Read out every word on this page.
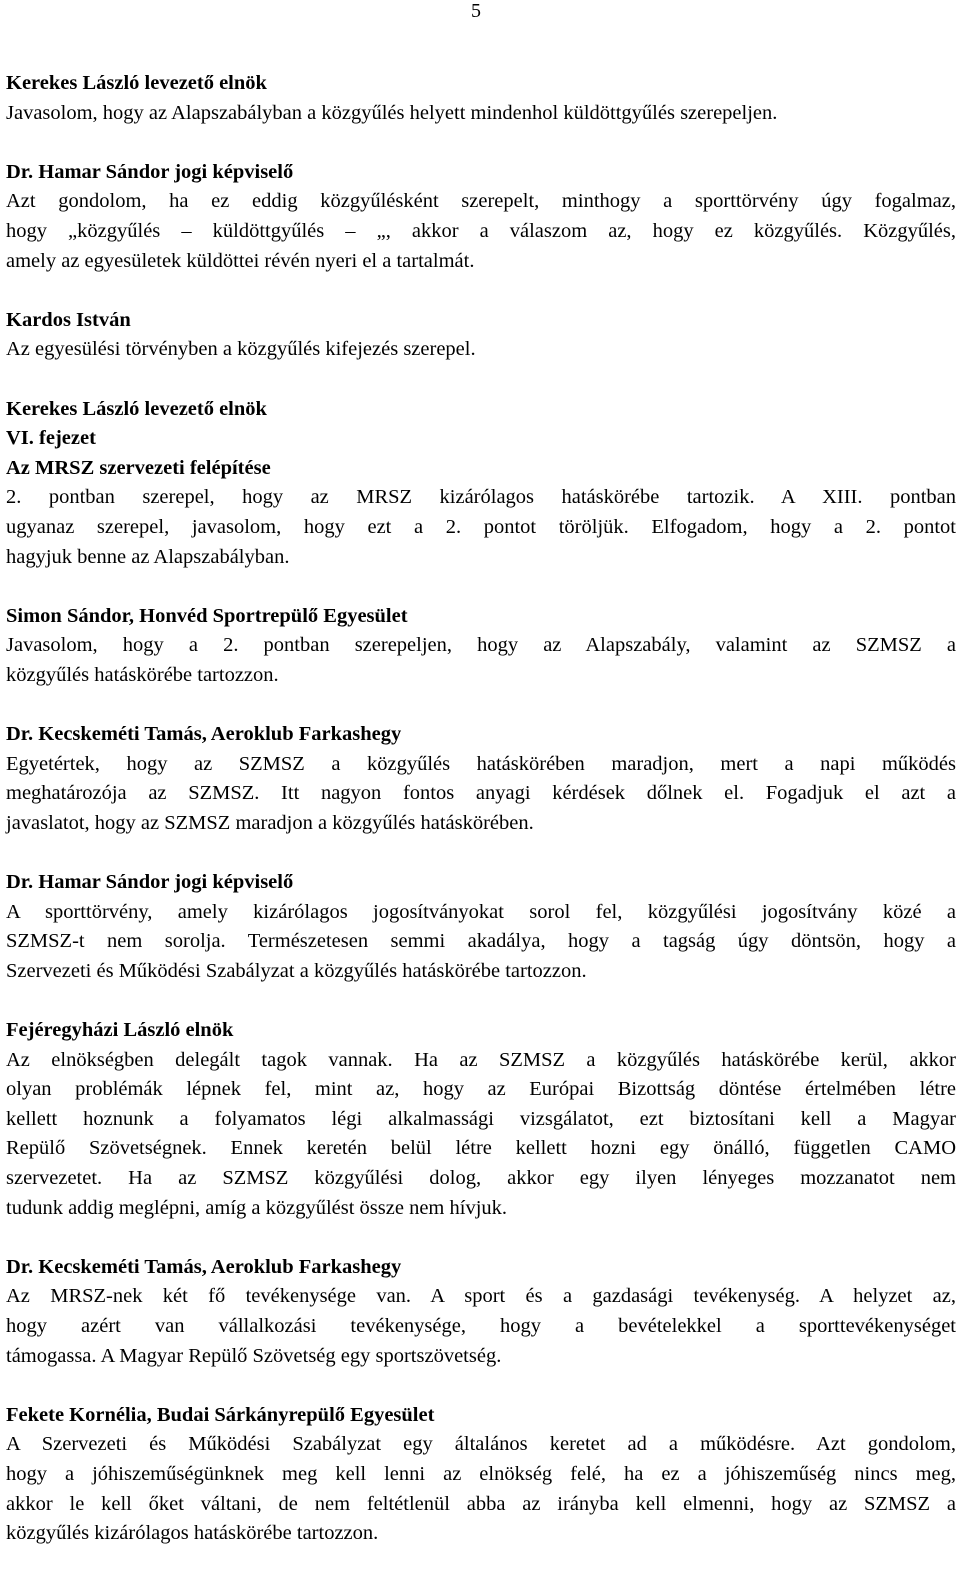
5
Kerekes László levezető elnök
Javasolom, hogy az Alapszabályban a közgyűlés helyett mindenhol küldöttgyűlés szerepeljen.
Dr. Hamar Sándor jogi képviselő
Azt gondolom, ha ez eddig közgyűlésként szerepelt, minthogy a sporttörvény úgy fogalmaz,
hogy „közgyűlés – küldöttgyűlés – „, akkor a válaszom az, hogy ez közgyűlés. Közgyűlés,
amely az egyesületek küldöttei révén nyeri el a tartalmát.
Kardos István
Az egyesülési törvényben a közgyűlés kifejezés szerepel.
Kerekes László levezető elnök
VI. fejezet
Az MRSZ szervezeti felépítése
2. pontban szerepel, hogy az MRSZ kizárólagos hatáskörébe tartozik. A XIII. pontban
ugyanaz szerepel, javasolom, hogy ezt a 2. pontot töröljük. Elfogadom, hogy a 2. pontot
hagyjuk benne az Alapszabályban.
Simon Sándor, Honvéd Sportrepülő Egyesület
Javasolom, hogy a 2. pontban szerepeljen, hogy az Alapszabály, valamint az SZMSZ a
közgyűlés hatáskörébe tartozzon.
Dr. Kecskeméti Tamás, Aeroklub Farkashegy
Egyetértek, hogy az SZMSZ a közgyűlés hatáskörében maradjon, mert a napi működés
meghatározója az SZMSZ. Itt nagyon fontos anyagi kérdések dőlnek el. Fogadjuk el azt a
javaslatot, hogy az SZMSZ maradjon a közgyűlés hatáskörében.
Dr. Hamar Sándor jogi képviselő
A sporttörvény, amely kizárólagos jogosítványokat sorol fel, közgyűlési jogosítvány közé a
SZMSZ-t nem sorolja. Természetesen semmi akadálya, hogy a tagság úgy döntsön, hogy a
Szervezeti és Működési Szabályzat a közgyűlés hatáskörébe tartozzon.
Fejéregyházi László elnök
Az elnökségben delegált tagok vannak. Ha az SZMSZ a közgyűlés hatáskörébe kerül, akkor
olyan problémák lépnek fel, mint az, hogy az Európai Bizottság döntése értelmében létre
kellett hoznunk a folyamatos légi alkalmassági vizsgálatot, ezt biztosítani kell a Magyar
Repülő Szövetségnek. Ennek keretén belül létre kellett hozni egy önálló, független CAMO
szervezetet. Ha az SZMSZ közgyűlési dolog, akkor egy ilyen lényeges mozzanatot nem
tudunk addig meglépni, amíg a közgyűlést össze nem hívjuk.
Dr. Kecskeméti Tamás, Aeroklub Farkashegy
Az MRSZ-nek két fő tevékenysége van. A sport és a gazdasági tevékenység. A helyzet az,
hogy azért van vállalkozási tevékenysége, hogy a bevételekkel a sporttevékenységet
támogassa. A Magyar Repülő Szövetség egy sportszövetség.
Fekete Kornélia, Budai Sárkányrepülő Egyesület
A Szervezeti és Működési Szabályzat egy általános keretet ad a működésre. Azt gondolom,
hogy a jóhiszeműségünknek meg kell lenni az elnökség felé, ha ez a jóhiszeműség nincs meg,
akkor le kell őket váltani, de nem feltétlenül abba az irányba kell elmenni, hogy az SZMSZ a
közgyűlés kizárólagos hatáskörébe tartozzon.
